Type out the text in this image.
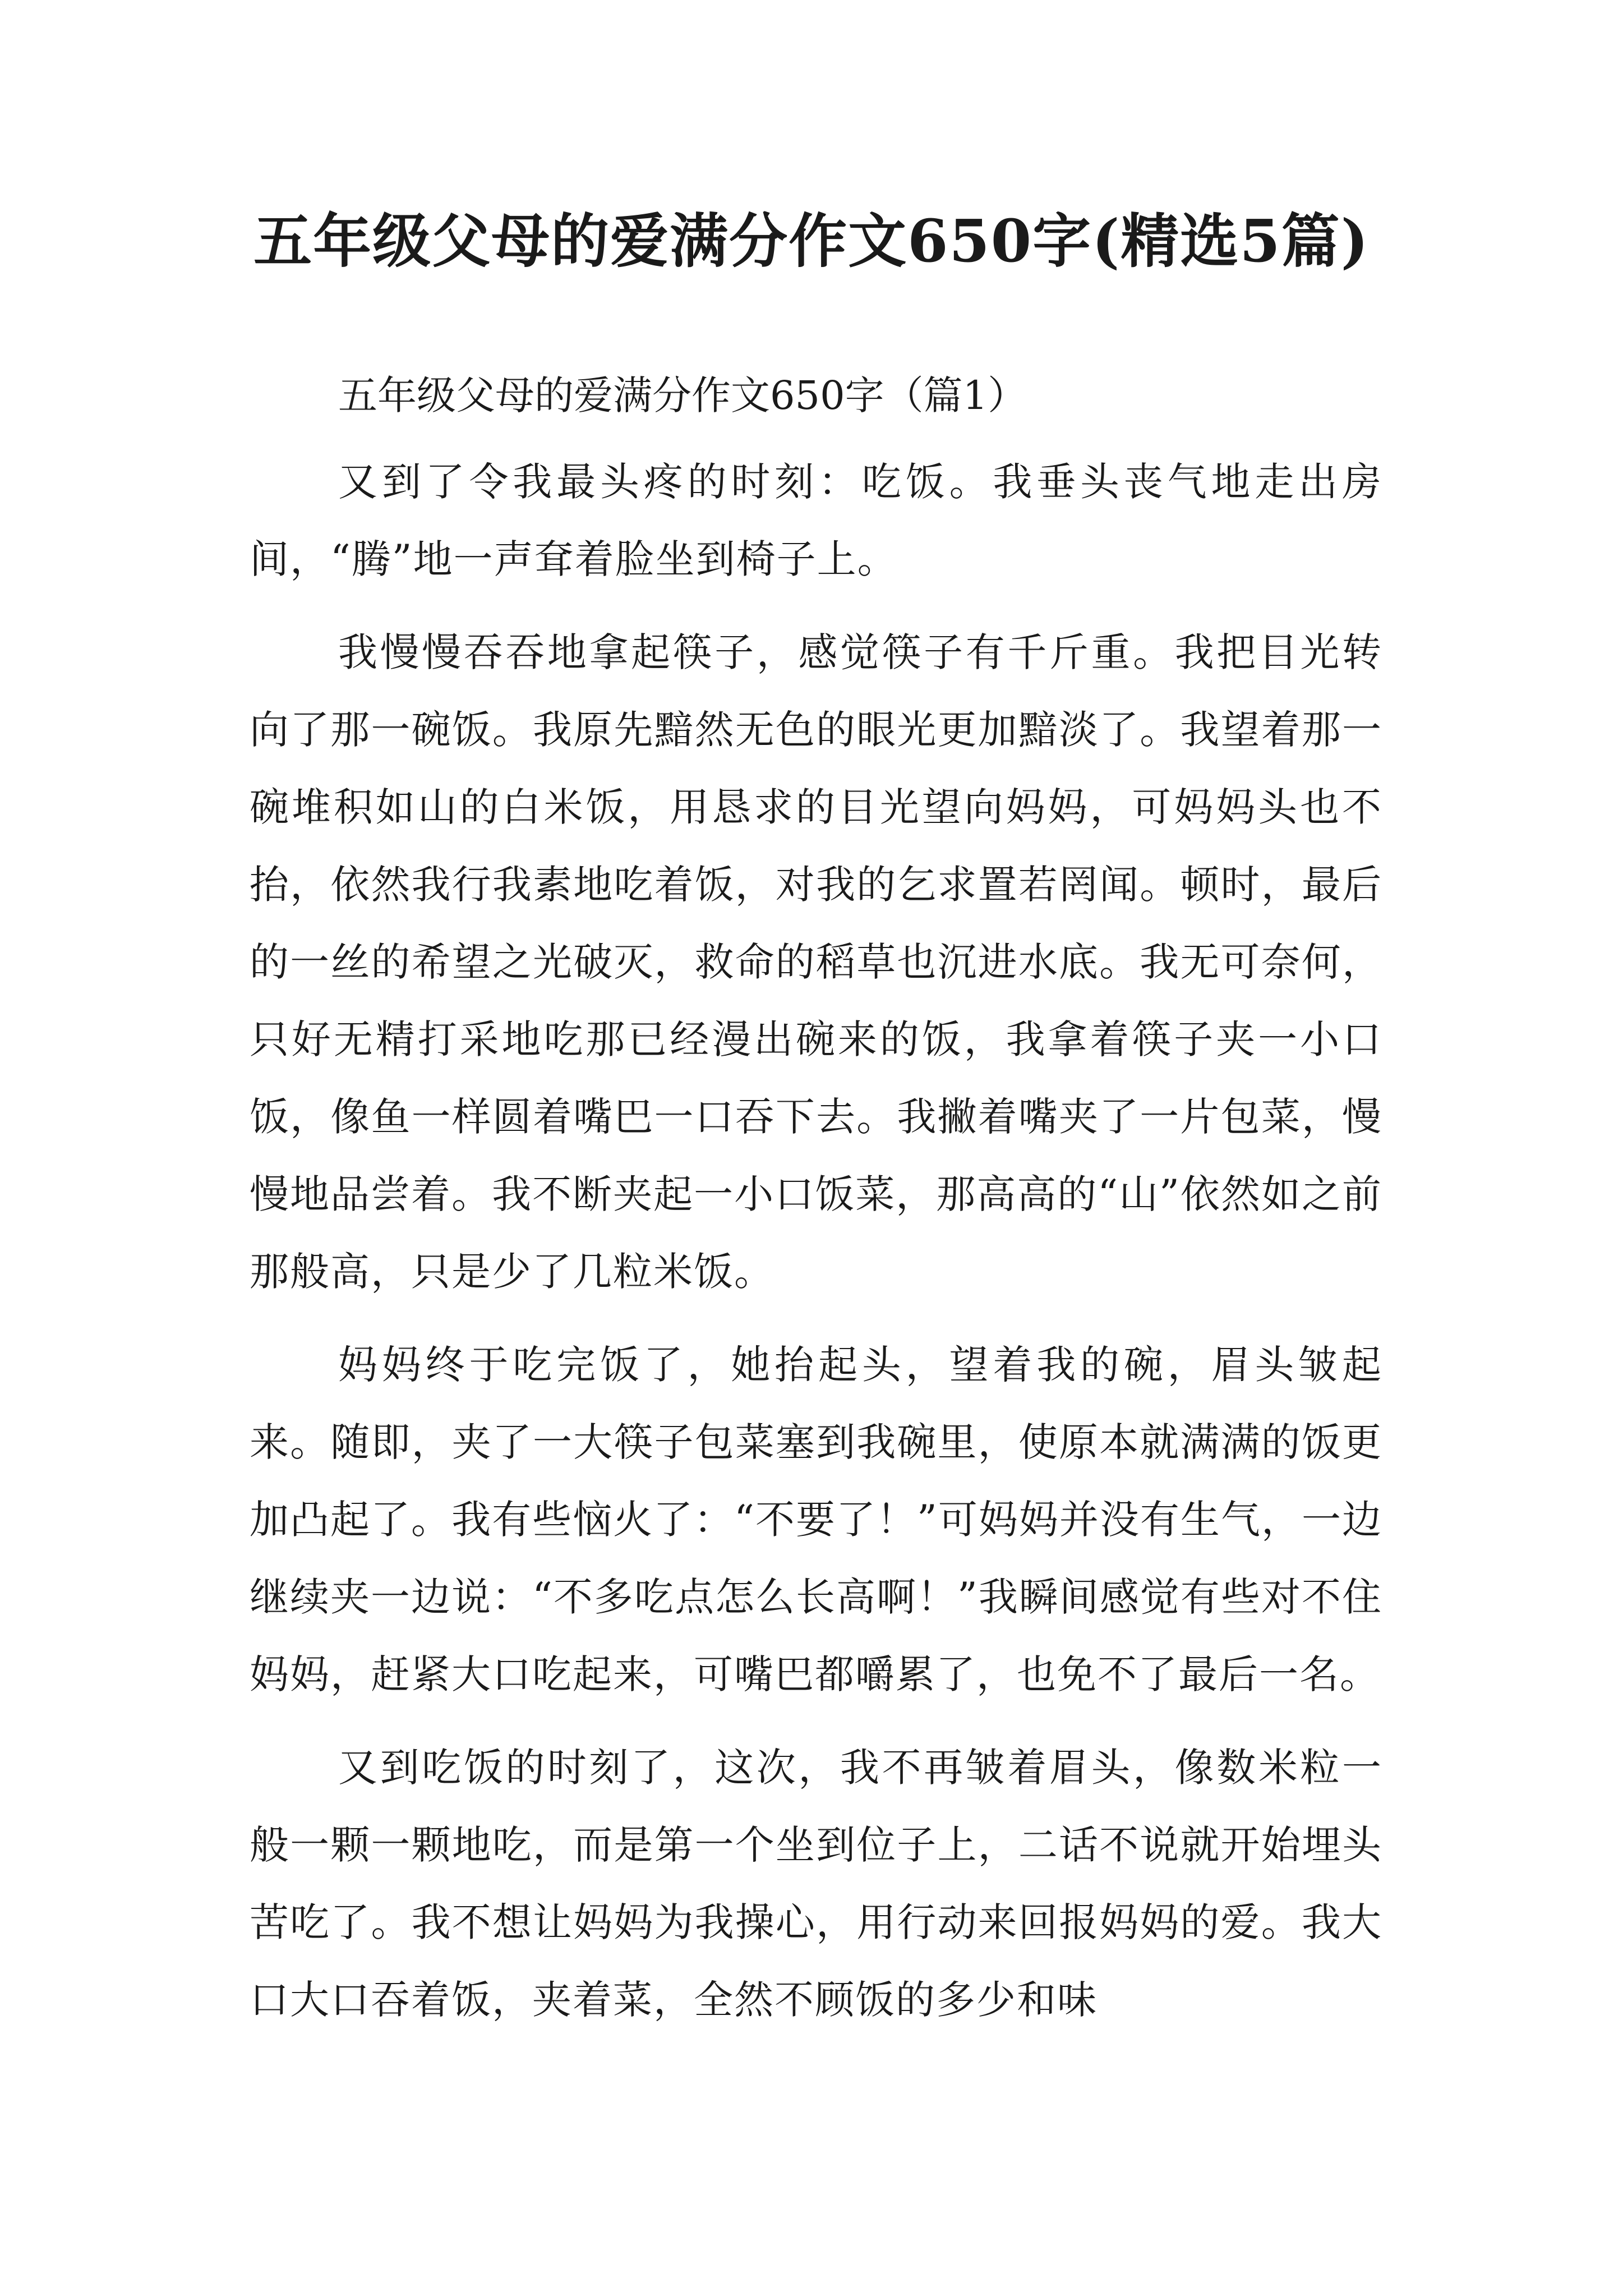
五年级父母的爱满分作文650字(精选5篇)

五年级父母的爱满分作文650字（篇1）

又到了令我最头疼的时刻：吃饭。我垂头丧气地走出房间，“腾”地一声耷着脸坐到椅子上。

我慢慢吞吞地拿起筷子，感觉筷子有千斤重。我把目光转向了那一碗饭。我原先黯然无色的眼光更加黯淡了。我望着那一碗堆积如山的白米饭，用恳求的目光望向妈妈，可妈妈头也不抬，依然我行我素地吃着饭，对我的乞求置若罔闻。顿时，最后的一丝的希望之光破灭，救命的稻草也沉进水底。我无可奈何，只好无精打采地吃那已经漫出碗来的饭，我拿着筷子夹一小口饭，像鱼一样圆着嘴巴一口吞下去。我撇着嘴夹了一片包菜，慢慢地品尝着。我不断夹起一小口饭菜，那高高的“山”依然如之前那般高，只是少了几粒米饭。

妈妈终于吃完饭了，她抬起头，望着我的碗，眉头皱起来。随即，夹了一大筷子包菜塞到我碗里，使原本就满满的饭更加凸起了。我有些恼火了：“不要了！”可妈妈并没有生气，一边继续夹一边说：“不多吃点怎么长高啊！”我瞬间感觉有些对不住妈妈，赶紧大口吃起来，可嘴巴都嚼累了，也免不了最后一名。

又到吃饭的时刻了，这次，我不再皱着眉头，像数米粒一般一颗一颗地吃，而是第一个坐到位子上，二话不说就开始埋头苦吃了。我不想让妈妈为我操心，用行动来回报妈妈的爱。我大口大口吞着饭，夹着菜，全然不顾饭的多少和味
